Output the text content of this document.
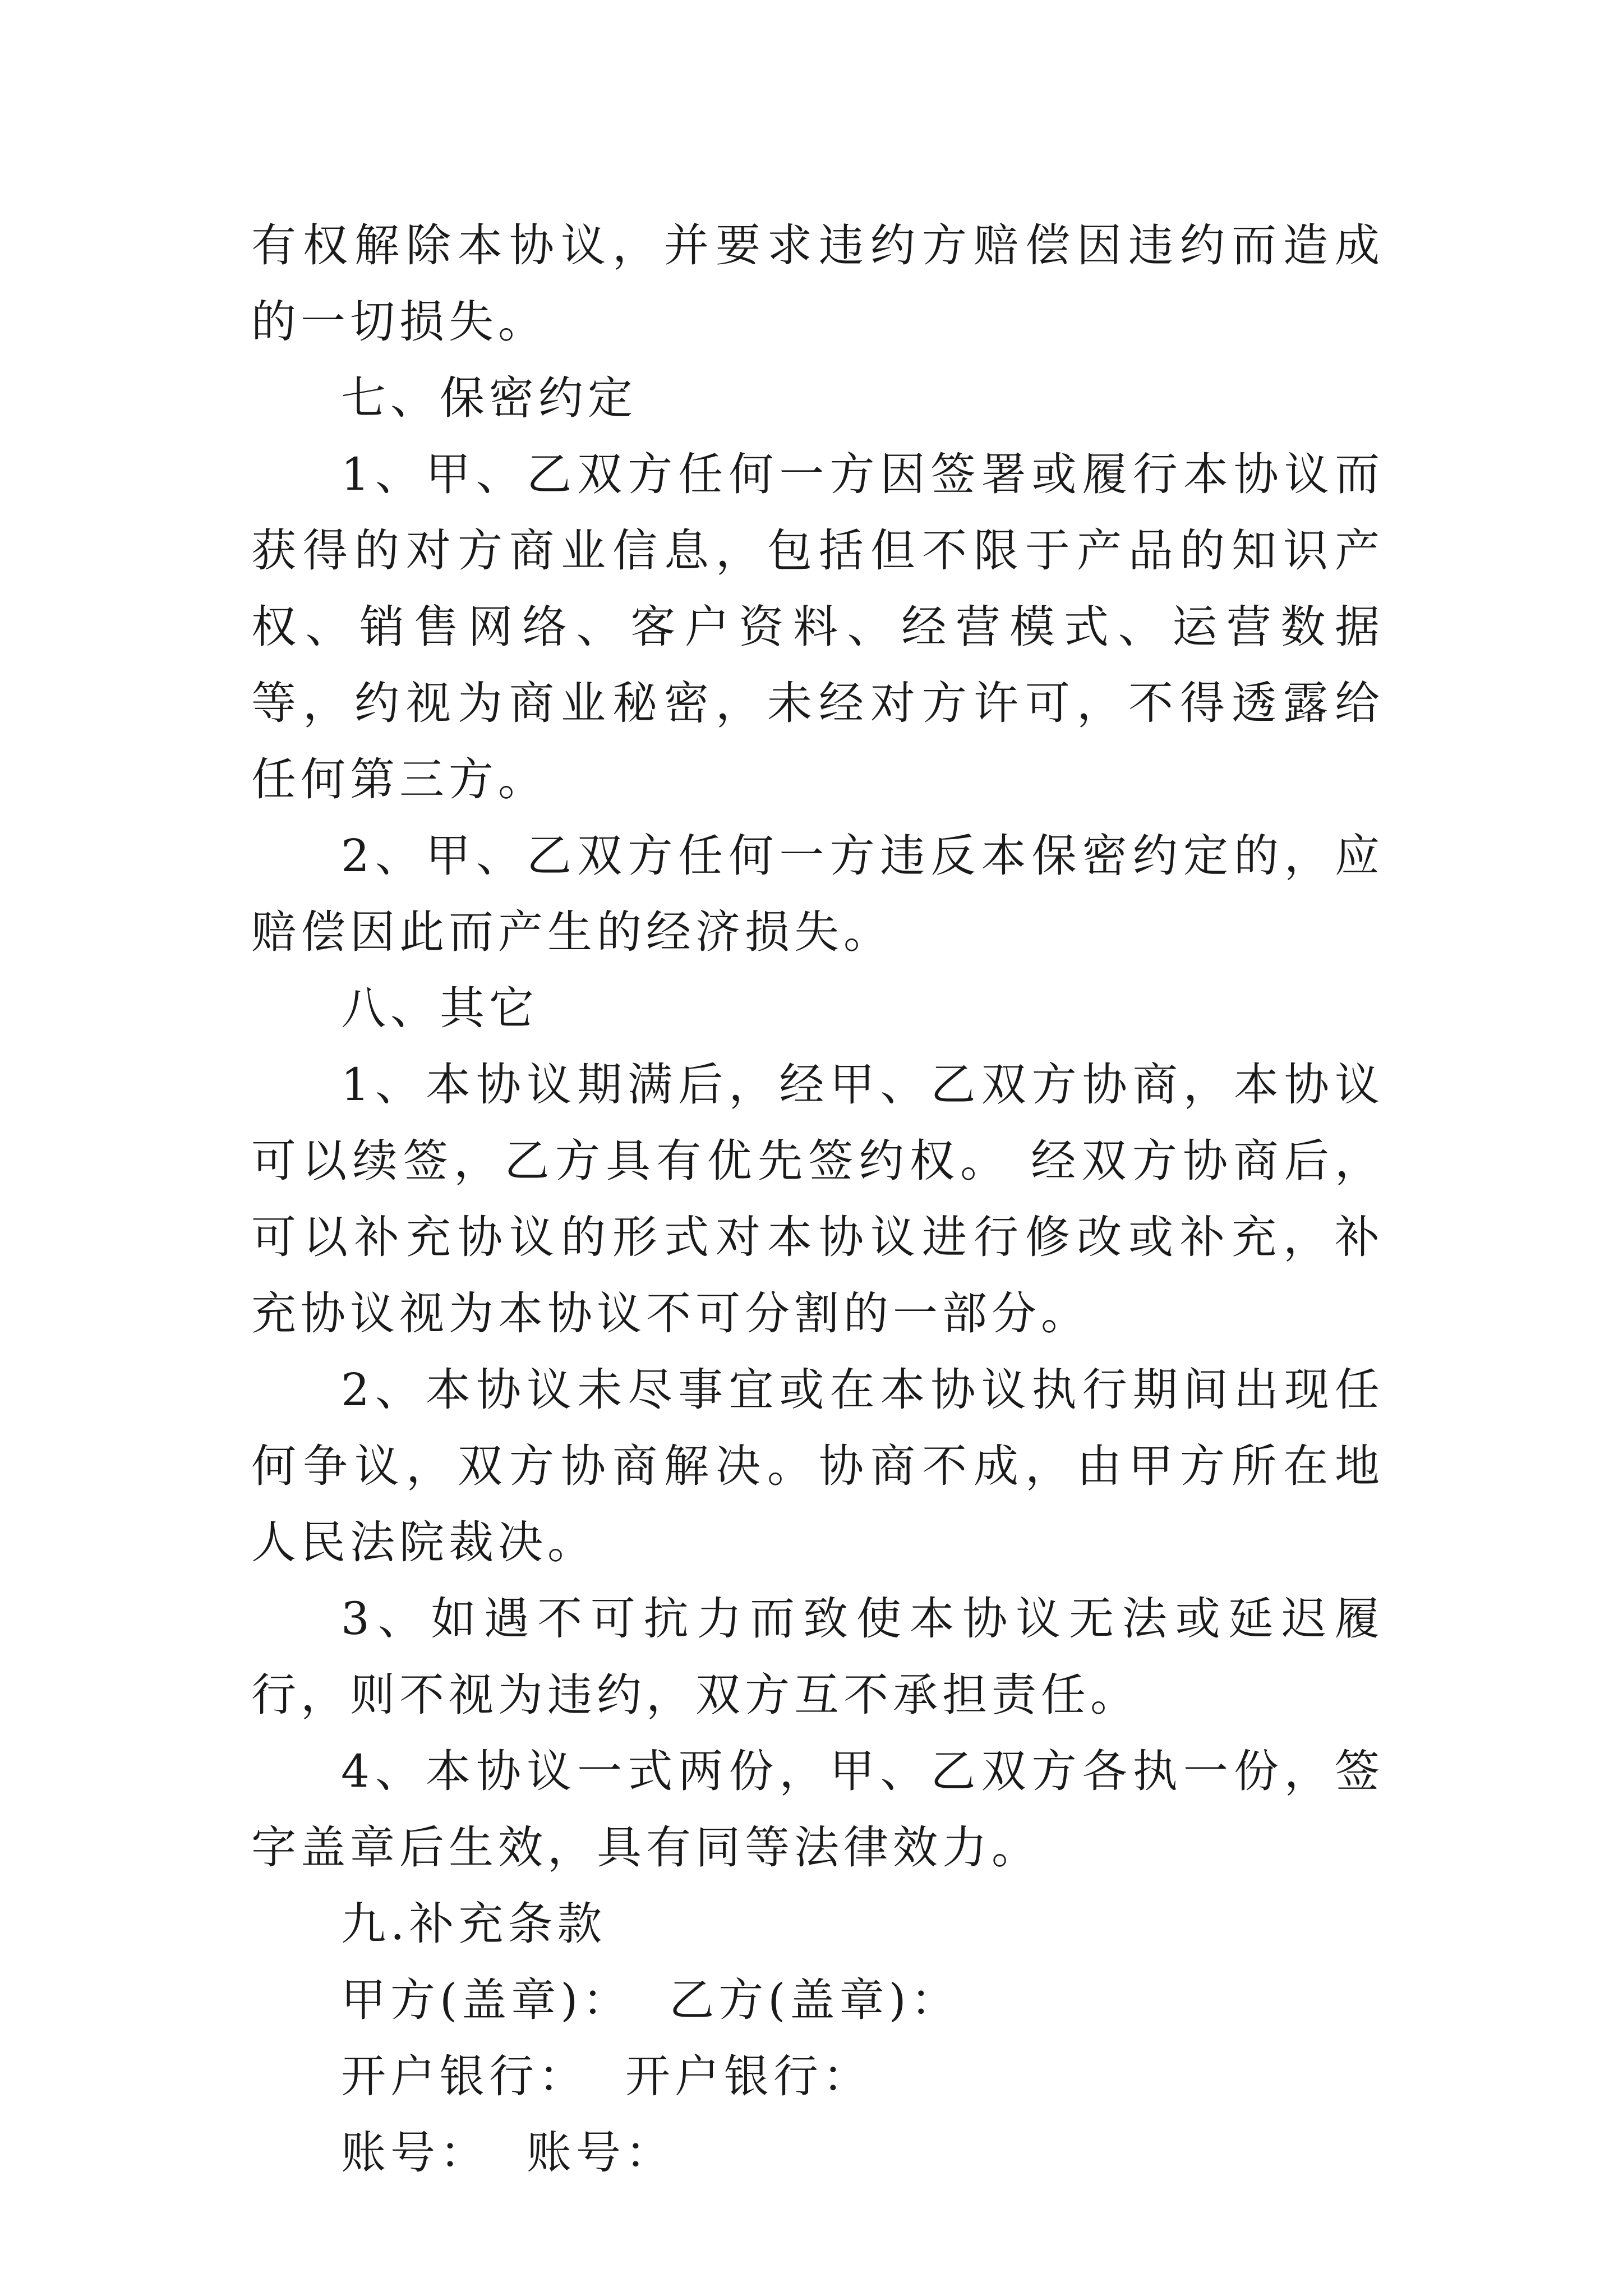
有权解除本协议，并要求违约方赔偿因违约而造成的一切损失。

七、保密约定

1、甲、乙双方任何一方因签署或履行本协议而获得的对方商业信息，包括但不限于产品的知识产权、销售网络、客户资料、经营模式、运营数据等，约视为商业秘密，未经对方许可，不得透露给任何第三方。

2、甲、乙双方任何一方违反本保密约定的，应赔偿因此而产生的经济损失。

八、其它

1、本协议期满后，经甲、乙双方协商，本协议可以续签，乙方具有优先签约权。 经双方协商后，可以补充协议的形式对本协议进行修改或补充，补充协议视为本协议不可分割的一部分。

2、本协议未尽事宜或在本协议执行期间出现任何争议，双方协商解决。协商不成，由甲方所在地人民法院裁决。

3、如遇不可抗力而致使本协议无法或延迟履行，则不视为违约，双方互不承担责任。

4、本协议一式两份，甲、乙双方各执一份，签字盖章后生效，具有同等法律效力。

九.补充条款

甲方(盖章)：  乙方(盖章)：

开户银行：  开户银行：

账号：  账号：
